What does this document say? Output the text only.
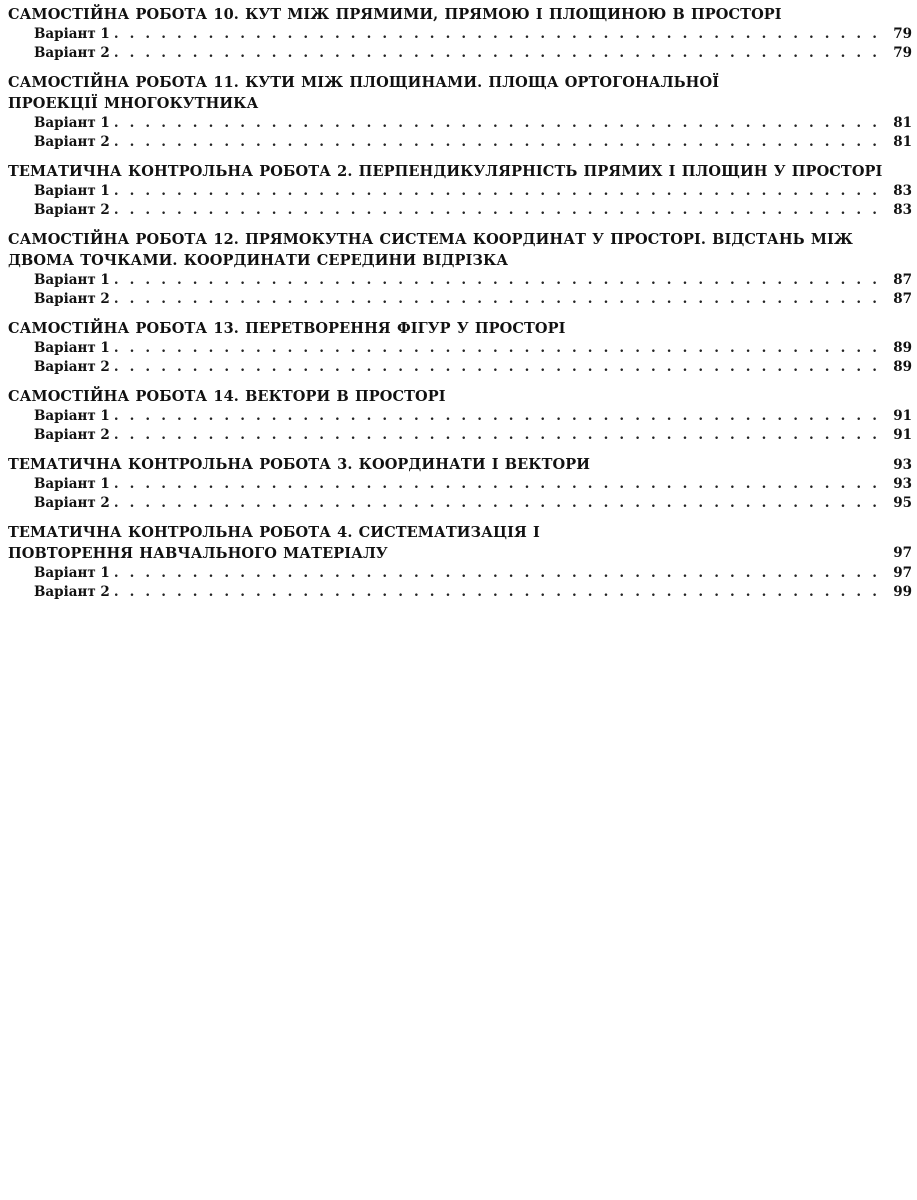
САМОСТІЙНА РОБОТА 10. КУТ МІЖ ПРЯМИМИ, ПРЯМОЮ І ПЛОЩИНОЮ В ПРОСТОРІ
Варіант 1 . . .	79
Варіант 2 . . .	79
САМОСТІЙНА РОБОТА 11. КУТИ МІЖ ПЛОЩИНАМИ. ПЛОЩА ОРТОГОНАЛЬНОЇ ПРОЕКЦІЇ МНОГОКУТНИКА
Варіант 1 . . .	81
Варіант 2 . . .	81
ТЕМАТИЧНА КОНТРОЛЬНА РОБОТА 2. ПЕРПЕНДИКУЛЯРНІСТЬ ПРЯМИХ І ПЛОЩИН У ПРОСТОРІ
Варіант 1 . . .	83
Варіант 2 . . .	83
САМОСТІЙНА РОБОТА 12. ПРЯМОКУТНА СИСТЕМА КООРДИНАТ У ПРОСТОРІ. ВІДСТАНЬ МІЖ ДВОМА ТОЧКАМИ. КООРДИНАТИ СЕРЕДИНИ ВІДРІЗКА
Варіант 1 . . .	87
Варіант 2 . . .	87
САМОСТІЙНА РОБОТА 13. ПЕРЕТВОРЕННЯ ФІГУР У ПРОСТОРІ
Варіант 1 . . .	89
Варіант 2 . . .	89
САМОСТІЙНА РОБОТА 14. ВЕКТОРИ В ПРОСТОРІ
Варіант 1 . . .	91
Варіант 2 . . .	91
ТЕМАТИЧНА КОНТРОЛЬНА РОБОТА 3. КООРДИНАТИ І ВЕКТОРИ	93
Варіант 1 . . .	93
Варіант 2 . . .	95
ТЕМАТИЧНА КОНТРОЛЬНА РОБОТА 4. СИСТЕМАТИЗАЦІЯ І ПОВТОРЕННЯ НАВЧАЛЬНОГО МАТЕРІАЛУ	97
Варіант 1 . . .	97
Варіант 2 . . .	99
